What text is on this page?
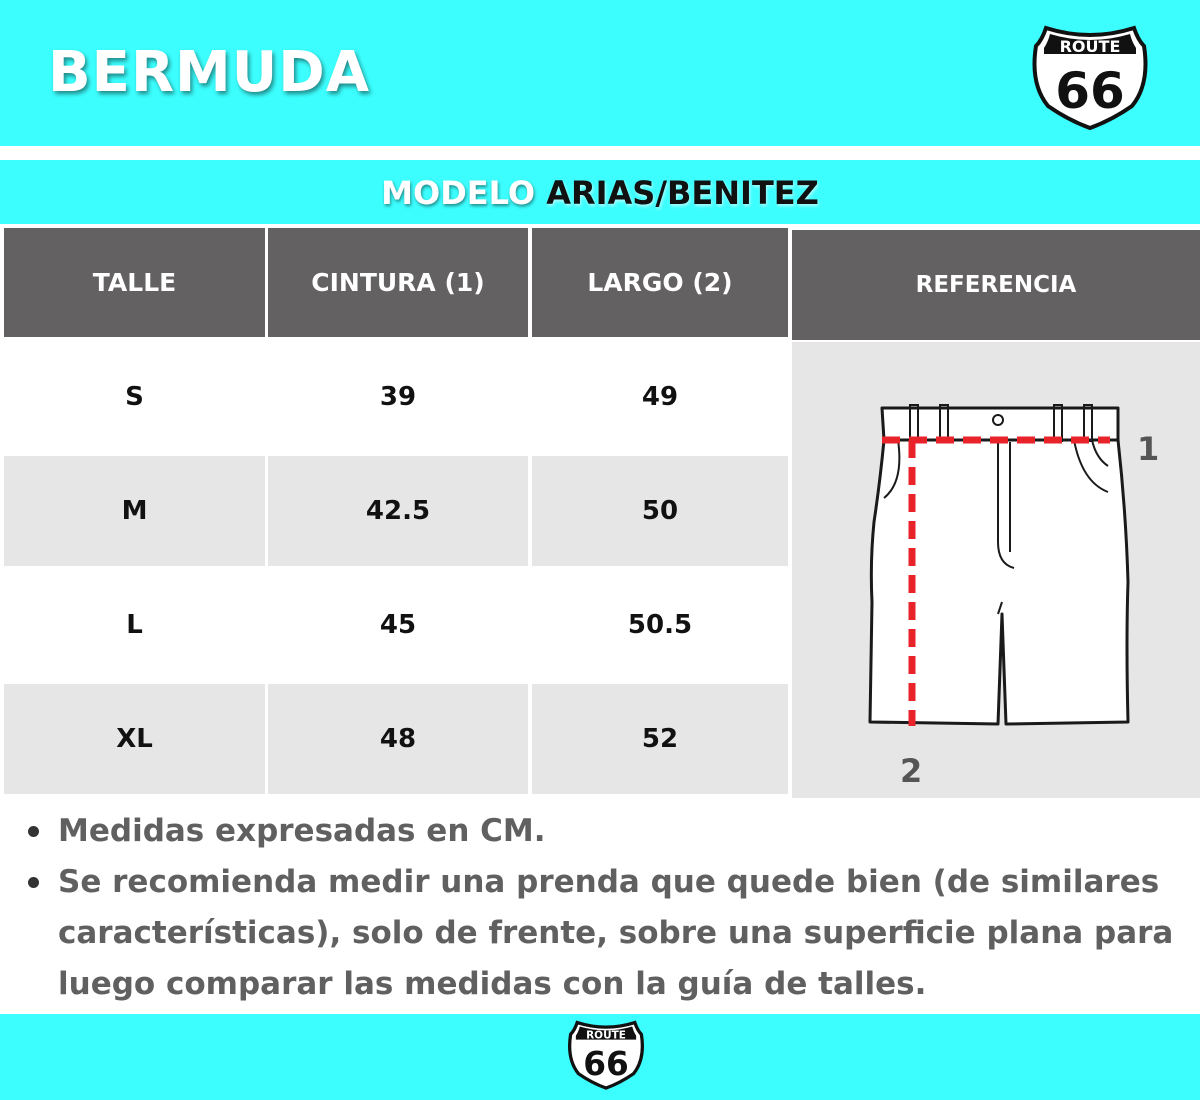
BERMUDA	ROUTE
66
MODELO ARIAS/BENITEZ
TALLE	CINTURA (1)	LARGO (2)
S	39	49
M	42.5	50
L	45	50.5
XL	48	52
REFERENCIA
1
2
Medidas expresadas en CM.
Se recomienda medir una prenda que quede bien (de similares características), solo de frente, sobre una superficie plana para luego comparar las medidas con la guía de talles.
ROUTE
66
